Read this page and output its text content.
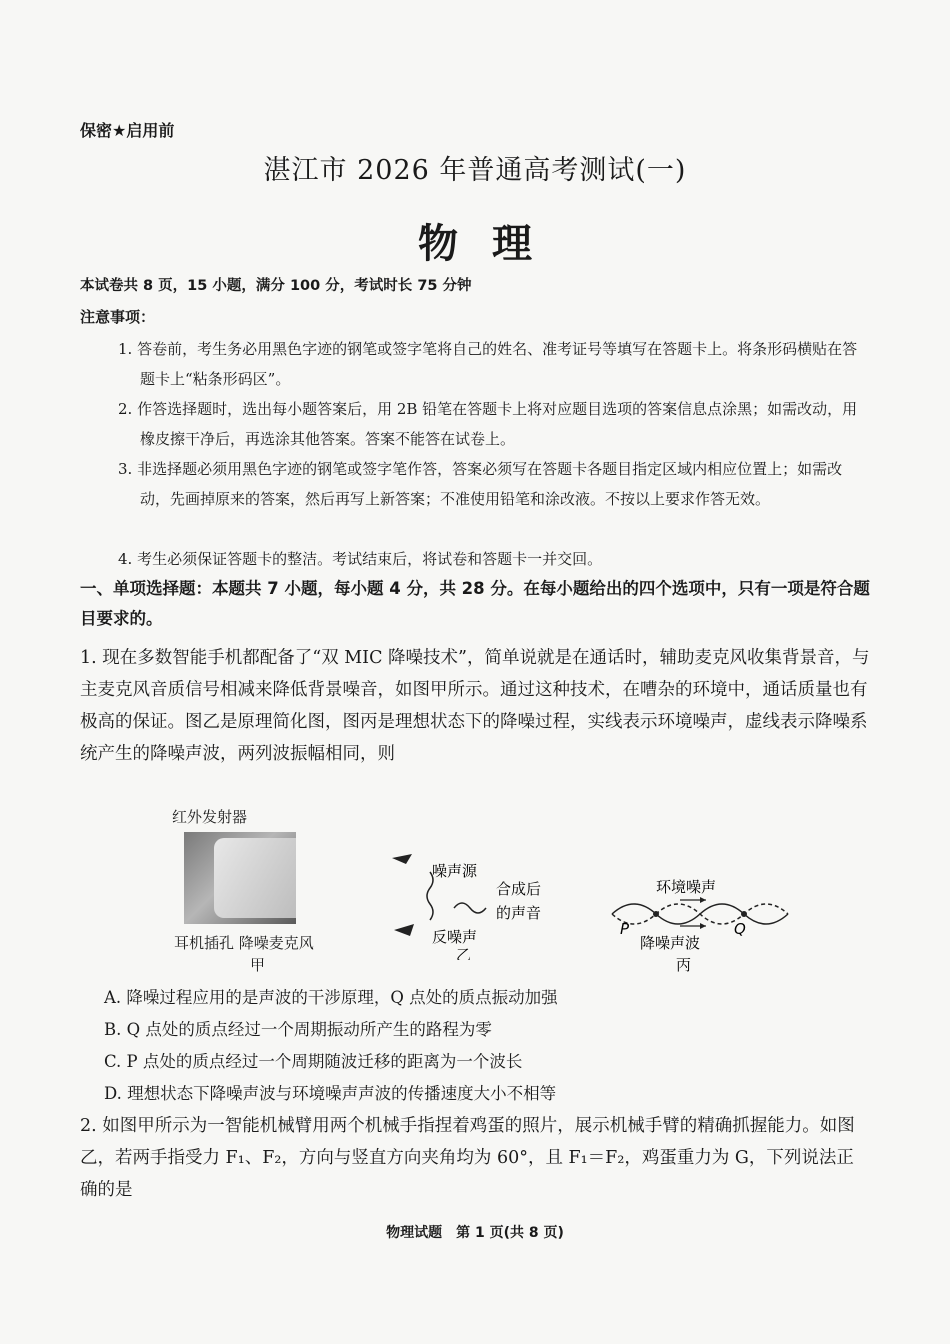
保密★启用前
湛江市 2026 年普通高考测试(一)
物理
本试卷共 8 页，15 小题，满分 100 分，考试时长 75 分钟
注意事项：
1. 答卷前，考生务必用黑色字迹的钢笔或签字笔将自己的姓名、准考证号等填写在答题卡上。将条形码横贴在答题卡上“粘条形码区”。
2. 作答选择题时，选出每小题答案后，用 2B 铅笔在答题卡上将对应题目选项的答案信息点涂黑；如需改动，用橡皮擦干净后，再选涂其他答案。答案不能答在试卷上。
3. 非选择题必须用黑色字迹的钢笔或签字笔作答，答案必须写在答题卡各题目指定区域内相应位置上；如需改动，先画掉原来的答案，然后再写上新答案；不准使用铅笔和涂改液。不按以上要求作答无效。
4. 考生必须保证答题卡的整洁。考试结束后，将试卷和答题卡一并交回。
一、单项选择题：本题共 7 小题，每小题 4 分，共 28 分。在每小题给出的四个选项中，只有一项是符合题目要求的。
1. 现在多数智能手机都配备了“双 MIC 降噪技术”，简单说就是在通话时，辅助麦克风收集背景音，与主麦克风音质信号相减来降低背景噪音，如图甲所示。通过这种技术，在嘈杂的环境中，通话质量也有极高的保证。图乙是原理简化图，图丙是理想状态下的降噪过程，实线表示环境噪声，虚线表示降噪系统产生的降噪声波，两列波振幅相同，则
红外发射器
耳机插孔 降噪麦克风
甲
噪声源
合成后
的声音
反噪声
乙
环境噪声
P	Q
降噪声波
丙
A. 降噪过程应用的是声波的干涉原理，Q 点处的质点振动加强
B. Q 点处的质点经过一个周期振动所产生的路程为零
C. P 点处的质点经过一个周期随波迁移的距离为一个波长
D. 理想状态下降噪声波与环境噪声声波的传播速度大小不相等
2. 如图甲所示为一智能机械臂用两个机械手指捏着鸡蛋的照片，展示机械手臂的精确抓握能力。如图乙，若两手指受力 F₁、F₂，方向与竖直方向夹角均为 60°，且 F₁＝F₂，鸡蛋重力为 G，下列说法正确的是
物理试题　第 1 页(共 8 页)
